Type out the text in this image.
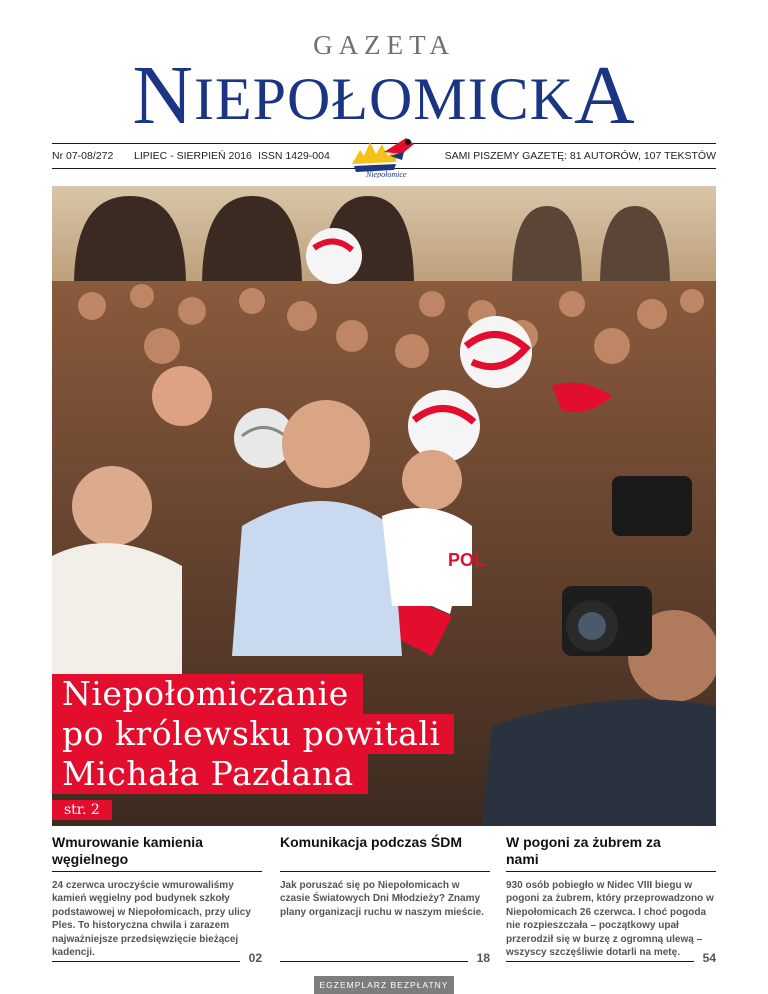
GAZETA
NIEPOŁOMICKA
Nr 07-08/272 LIPIEC - SIERPIEŃ 2016 ISSN 1429-004	SAMI PISZEMY GAZETĘ: 81 AUTORÓW, 107 TEKSTÓW
Niepołomice
POL
Niepołomiczanie
po królewsku powitali
Michała Pazdana
str. 2
Wmurowanie kamienia węgielnego
24 czerwca uroczyście wmurowaliśmy kamień węgielny pod budynek szkoły podstawowej w Niepołomicach, przy ulicy Ples. To historyczna chwila i zarazem najważniejsze przedsięwzięcie bieżącej kadencji.	02
Komunikacja podczas ŚDM
Jak poruszać się po Niepołomicach w czasie Światowych Dni Młodzieży? Znamy plany organizacji ruchu w naszym mieście.
18
W pogoni za żubrem za nami
930 osób pobiegło w Nidec VIII biegu w pogoni za żubrem, który przeprowadzono w Niepołomicach 26 czerwca. I choć pogoda nie rozpieszczała – początkowy upał przerodził się w burzę z ogromną ulewą – wszyscy szczęśliwie dotarli na metę.	54
EGZEMPLARZ BEZPŁATNY
